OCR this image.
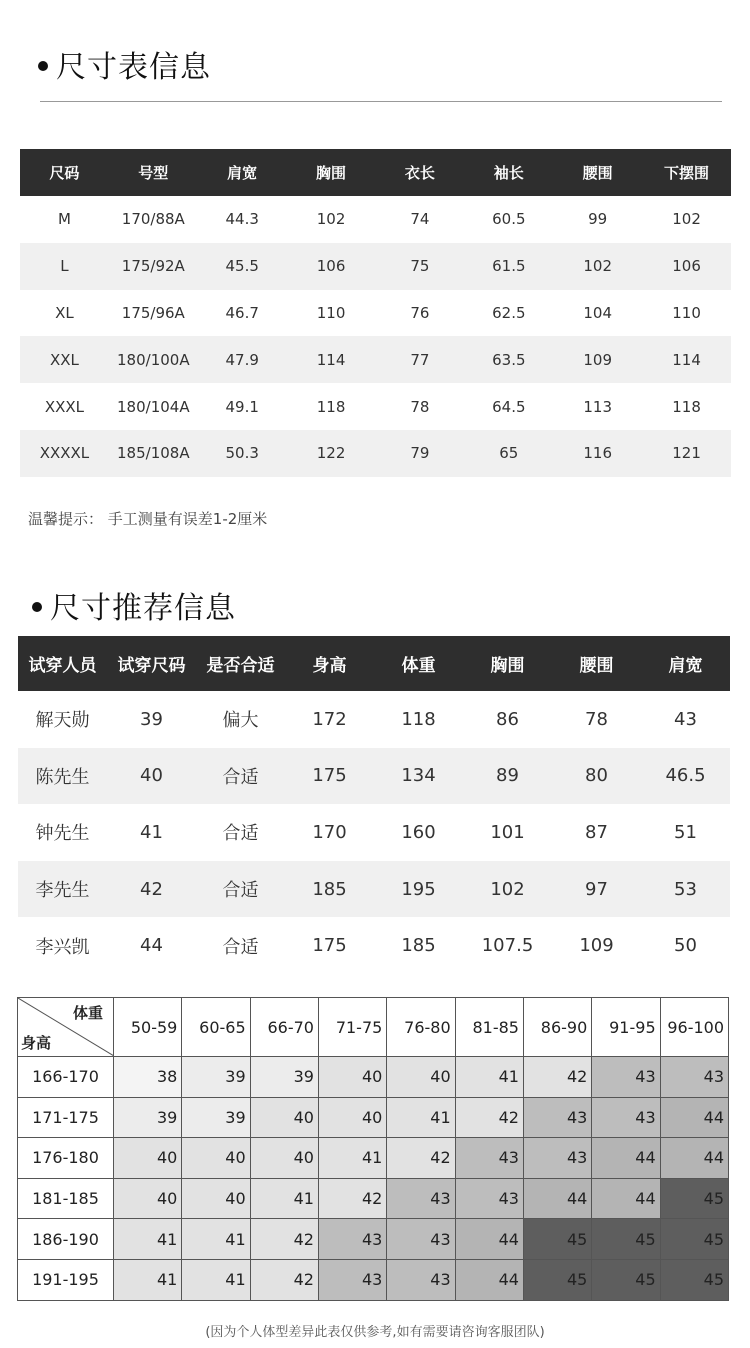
尺寸表信息
尺码	号型	肩宽	胸围	衣长	袖长	腰围	下摆围
M	170/88A	44.3	102	74	60.5	99	102
L	175/92A	45.5	106	75	61.5	102	106
XL	175/96A	46.7	110	76	62.5	104	110
XXL	180/100A	47.9	114	77	63.5	109	114
XXXL	180/104A	49.1	118	78	64.5	113	118
XXXXL	185/108A	50.3	122	79	65	116	121
温馨提示： 手工测量有误差1-2厘米
尺寸推荐信息
试穿人员	试穿尺码	是否合适	身高	体重	胸围	腰围	肩宽
解天勋	39	偏大	172	118	86	78	43
陈先生	40	合适	175	134	89	80	46.5
钟先生	41	合适	170	160	101	87	51
李先生	42	合适	185	195	102	97	53
李兴凯	44	合适	175	185	107.5	109	50
体重
身高	50-59	60-65	66-70	71-75	76-80	81-85	86-90	91-95	96-100
166-170	38	39	39	40	40	41	42	43	43
171-175	39	39	40	40	41	42	43	43	44
176-180	40	40	40	41	42	43	43	44	44
181-185	40	40	41	42	43	43	44	44	45
186-190	41	41	42	43	43	44	45	45	45
191-195	41	41	42	43	43	44	45	45	45
(因为个人体型差异此表仅供参考,如有需要请咨询客服团队)
